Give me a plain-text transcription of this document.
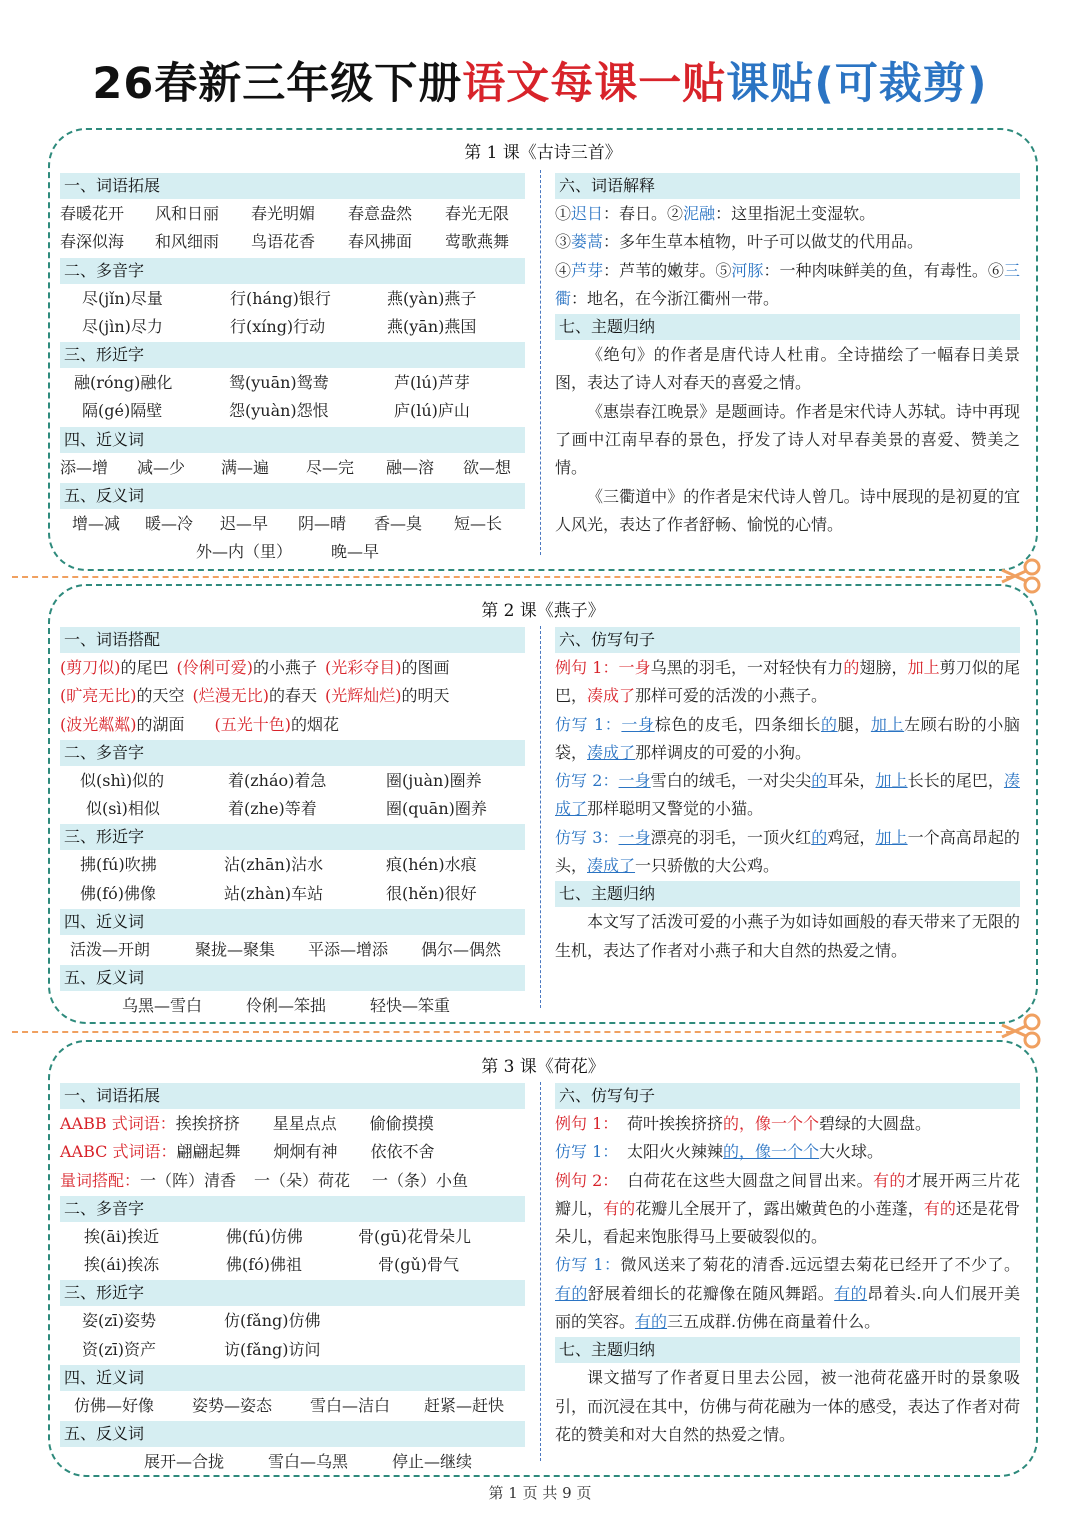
26春新三年级下册语文每课一贴课贴(可裁剪)
第 1 课《古诗三首》
一、词语拓展
春暖花开 风和日丽 春光明媚 春意盎然 春光无限
春深似海 和风细雨 鸟语花香 春风拂面 莺歌燕舞
二、多音字
尽(jǐn)尽量	行(háng)银行	燕(yàn)燕子
尽(jìn)尽力	行(xíng)行动	燕(yān)燕国
三、形近字
融(róng)融化	鸳(yuān)鸳鸯	芦(lú)芦芽
隔(gé)隔壁	怨(yuàn)怨恨	庐(lú)庐山
四、近义词
添—增 减—少 满—遍 尽—完 融—溶 欲—想
五、反义词
增—减 暖—冷 迟—早 阴—晴 香—臭 短—长
外—内（里） 晚—早
六、词语解释
①迟日：春日。②泥融：这里指泥土变湿软。
③蒌蒿：多年生草本植物，叶子可以做艾的代用品。
④芦芽：芦苇的嫩芽。⑤河豚：一种肉味鲜美的鱼，有毒性。⑥三衢：地名，在今浙江衢州一带。
七、主题归纳
《绝句》的作者是唐代诗人杜甫。全诗描绘了一幅春日美景图，表达了诗人对春天的喜爱之情。
《惠崇春江晚景》是题画诗。作者是宋代诗人苏轼。诗中再现了画中江南早春的景色，抒发了诗人对早春美景的喜爱、赞美之情。
《三衢道中》的作者是宋代诗人曾几。诗中展现的是初夏的宜人风光，表达了作者舒畅、愉悦的心情。
第 2 课《燕子》
一、词语搭配
(剪刀似)的尾巴 (伶俐可爱)的小燕子 (光彩夺目)的图画
(旷亮无比)的天空 (烂漫无比)的春天 (光辉灿烂)的明天
(波光粼粼)的湖面 (五光十色)的烟花
二、多音字
似(shì)似的	着(zháo)着急	圈(juàn)圈养
似(sì)相似	着(zhe)等着	圈(quān)圈养
三、形近字
拂(fú)吹拂	沾(zhān)沾水	痕(hén)水痕
佛(fó)佛像	站(zhàn)车站	很(hěn)很好
四、近义词
活泼—开朗	聚拢—聚集 平添—增添 偶尔—偶然
五、反义词
乌黑—雪白	伶俐—笨拙	轻快—笨重
六、仿写句子
例句 1：一身乌黑的羽毛，一对轻快有力的翅膀，加上剪刀似的尾巴，凑成了那样可爱的活泼的小燕子。
仿写 1：一身棕色的皮毛，四条细长的腿，加上左顾右盼的小脑袋，凑成了那样调皮的可爱的小狗。
仿写 2：一身雪白的绒毛，一对尖尖的耳朵，加上长长的尾巴，凑成了那样聪明又警觉的小猫。
仿写 3：一身漂亮的羽毛，一顶火红的鸡冠，加上一个高高昂起的头，凑成了一只骄傲的大公鸡。
七、主题归纳
本文写了活泼可爱的小燕子为如诗如画般的春天带来了无限的生机，表达了作者对小燕子和大自然的热爱之情。
第 3 课《荷花》
一、词语拓展
AABB 式词语：挨挨挤挤 星星点点 偷偷摸摸
AABC 式词语：翩翩起舞 炯炯有神 依依不舍
量词搭配：一（阵）清香 一（朵）荷花 一（条）小鱼
二、多音字
挨(āi)挨近	佛(fú)仿佛	骨(gū)花骨朵儿
挨(ái)挨冻	佛(fó)佛祖	骨(gǔ)骨气
三、形近字
姿(zī)姿势	仿(fǎng)仿佛
资(zī)资产	访(fǎng)访问
四、近义词
仿佛—好像 姿势—姿态 雪白—洁白 赶紧—赶快
五、反义词
展开—合拢	雪白—乌黑	停止—继续
六、仿写句子
例句 1： 荷叶挨挨挤挤的，像一个个碧绿的大圆盘。
仿写 1： 太阳火火辣辣的，像一个个大火球。
例句 2： 白荷花在这些大圆盘之间冒出来。有的才展开两三片花瓣儿，有的花瓣儿全展开了，露出嫩黄色的小莲蓬，有的还是花骨朵儿，看起来饱胀得马上要破裂似的。
仿写 1：微风送来了菊花的清香.远远望去菊花已经开了不少了。有的舒展着细长的花瓣像在随风舞蹈。有的昂着头.向人们展开美丽的笑容。有的三五成群.仿佛在商量着什么。
七、主题归纳
课文描写了作者夏日里去公园，被一池荷花盛开时的景象吸引，而沉浸在其中，仿佛与荷花融为一体的感受，表达了作者对荷花的赞美和对大自然的热爱之情。
第 1 页 共 9 页
